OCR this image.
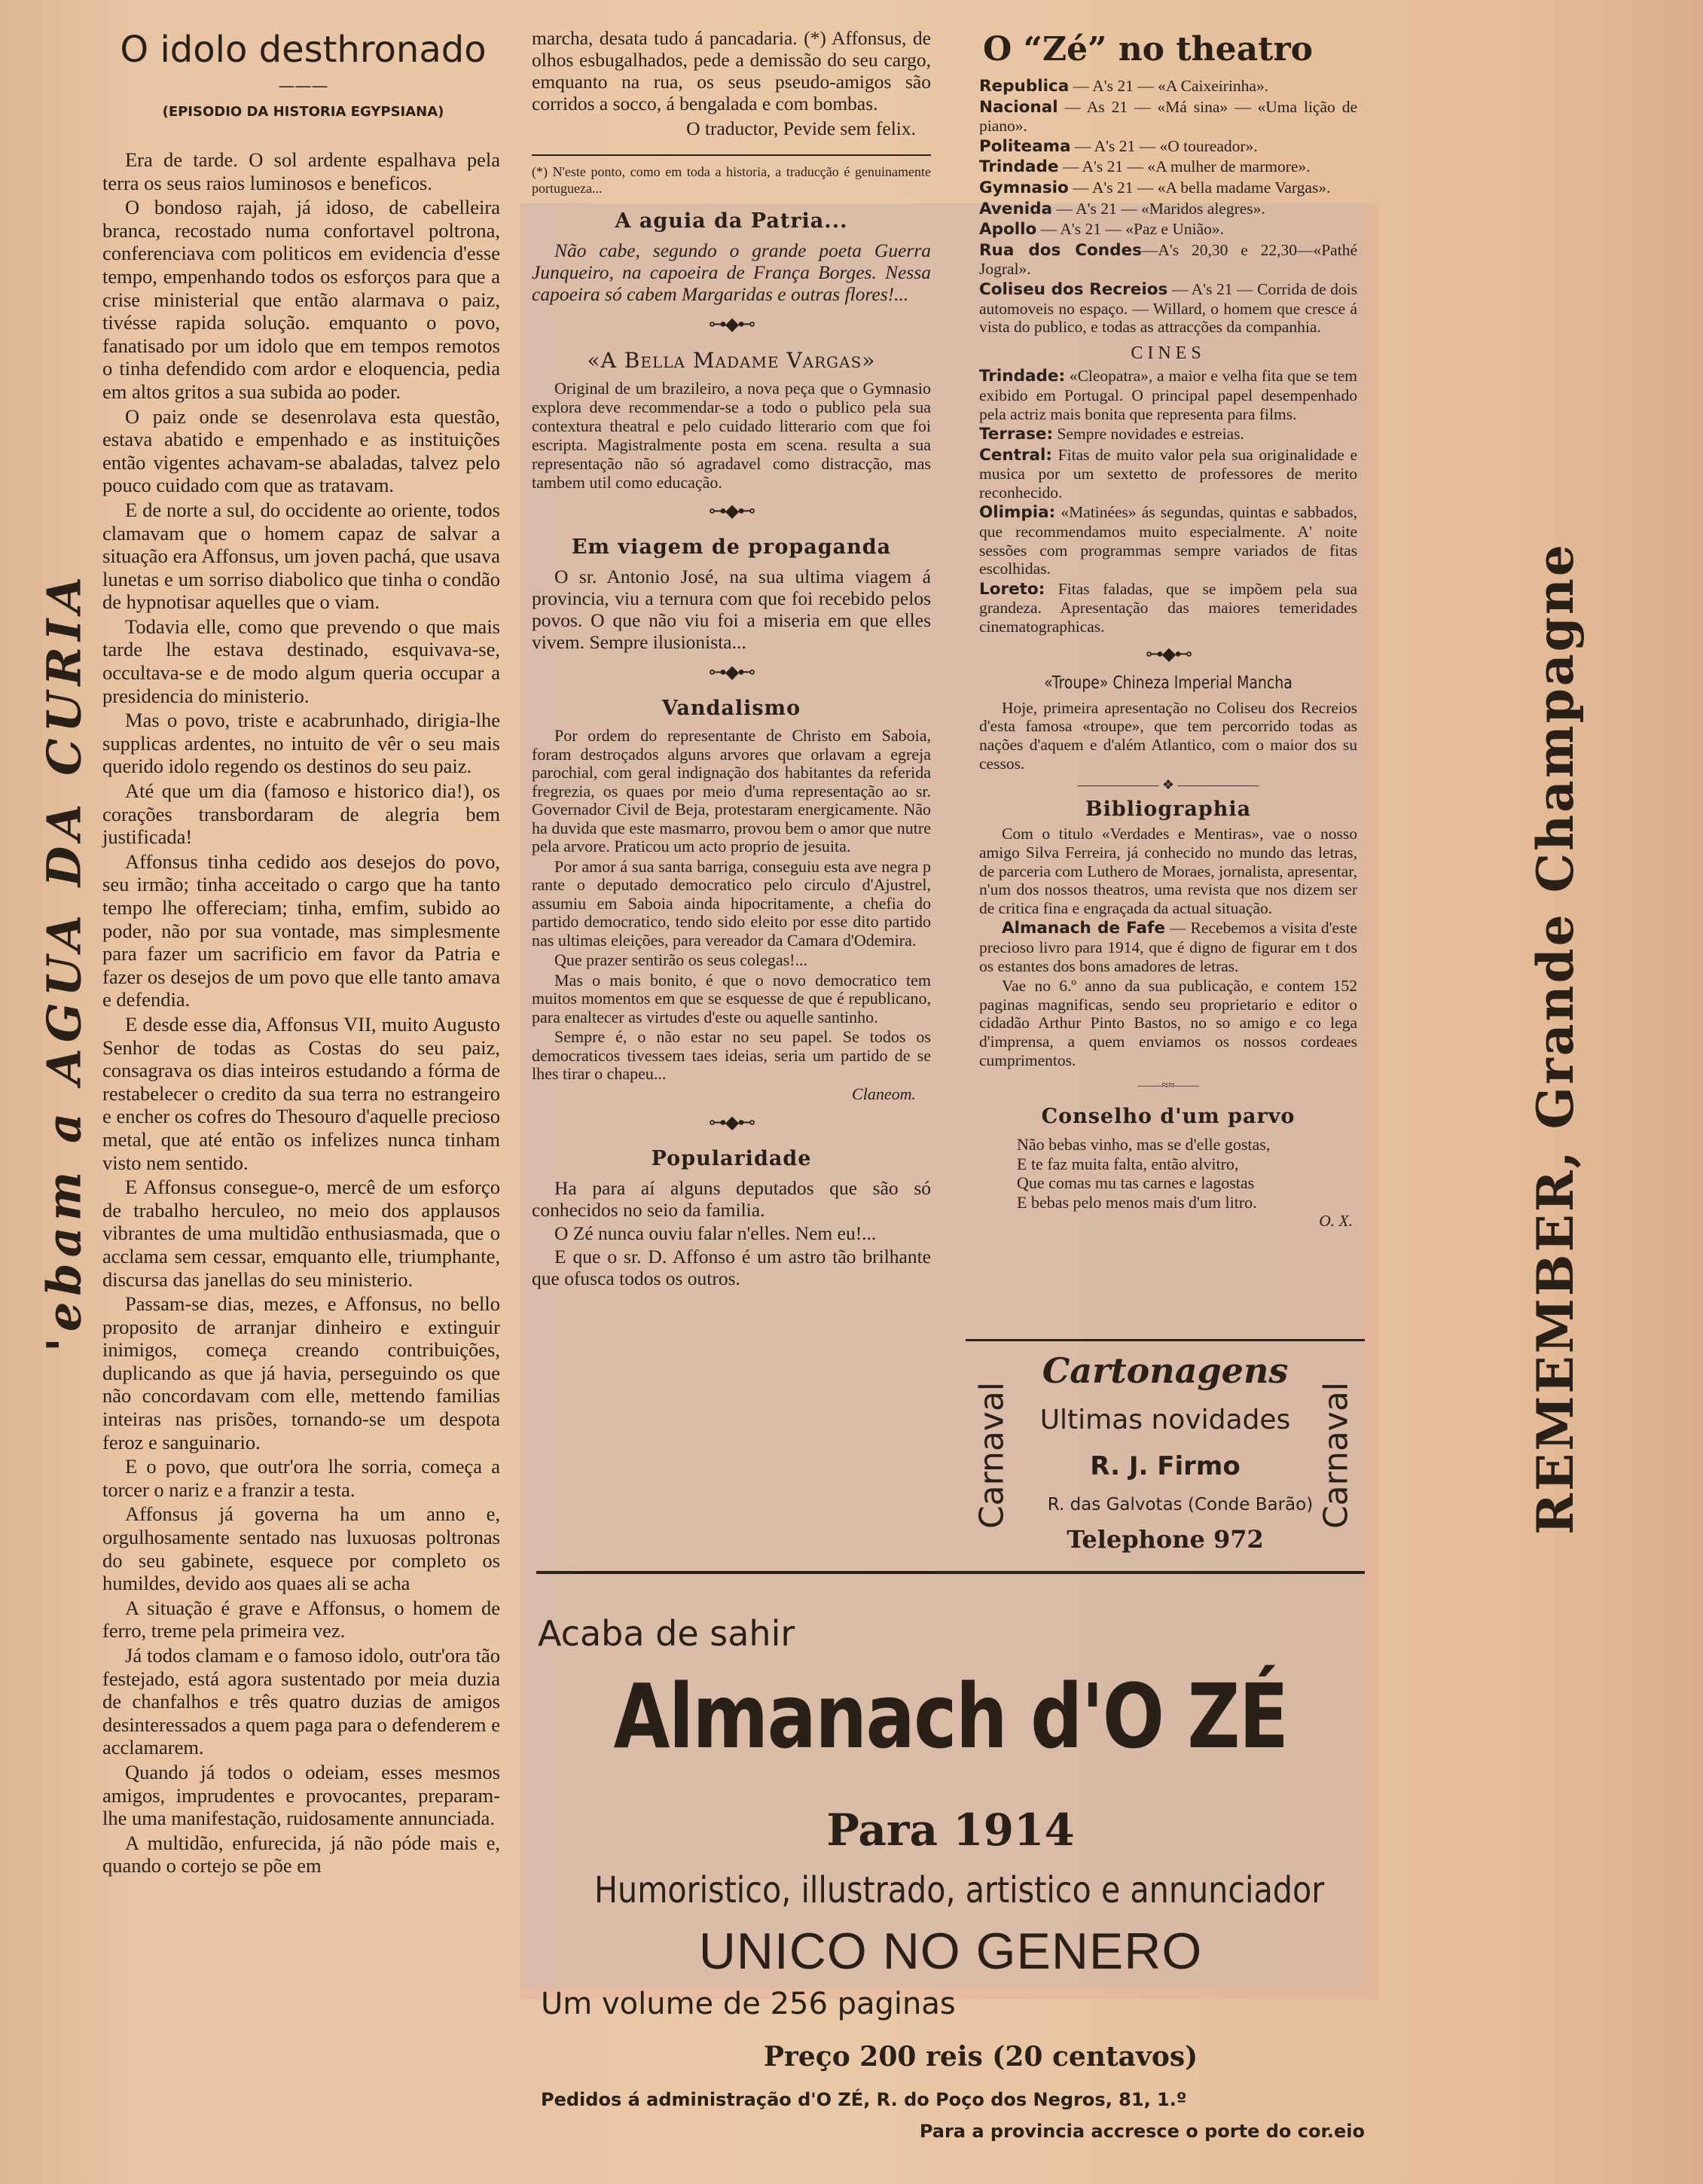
'ebam a AGUA DA CURIA	REMEMBER, Grande Champagne
O idolo desthronado
———
(EPISODIO DA HISTORIA EGYPSIANA)

Era de tarde. O sol ardente espalhava pela terra os seus raios luminosos e beneficos.

O bondoso rajah, já idoso, de cabelleira branca, recostado numa confortavel poltrona, conferenciava com politicos em evidencia d'esse tempo, empenhando todos os esforços para que a crise ministerial que então alarmava o paiz, tivésse rapida solução. emquanto o povo, fanatisado por um idolo que em tempos remotos o tinha defendido com ardor e eloquencia, pedia em altos gritos a sua subida ao poder.

O paiz onde se desenrolava esta questão, estava abatido e empenhado e as instituições então vigentes achavam-se abaladas, talvez pelo pouco cuidado com que as tratavam.

E de norte a sul, do occidente ao oriente, todos clamavam que o homem capaz de salvar a situação era Affonsus, um joven pachá, que usava lunetas e um sorriso diabolico que tinha o condão de hypnotisar aquelles que o viam.

Todavia elle, como que prevendo o que mais tarde lhe estava destinado, esquivava-se, occultava-se e de modo algum queria occupar a presidencia do ministerio.

Mas o povo, triste e acabrunhado, dirigia-lhe supplicas ardentes, no intuito de vêr o seu mais querido idolo regendo os destinos do seu paiz.

Até que um dia (famoso e historico dia!), os corações transbordaram de alegria bem justificada!

Affonsus tinha cedido aos desejos do povo, seu irmão; tinha acceitado o cargo que ha tanto tempo lhe offereciam; tinha, emfim, subido ao poder, não por sua vontade, mas simplesmente para fazer um sacrificio em favor da Patria e fazer os desejos de um povo que elle tanto amava e defendia.

E desde esse dia, Affonsus VII, muito Augusto Senhor de todas as Costas do seu paiz, consagrava os dias inteiros estudando a fórma de restabelecer o credito da sua terra no estrangeiro e encher os cofres do Thesouro d'aquelle precioso metal, que até então os infelizes nunca tinham visto nem sentido.

E Affonsus consegue-o, mercê de um esforço de trabalho herculeo, no meio dos applausos vibrantes de uma multidão enthusiasmada, que o acclama sem cessar, emquanto elle, triumphante, discursa das janellas do seu ministerio.

Passam-se dias, mezes, e Affonsus, no bello proposito de arranjar dinheiro e extinguir inimigos, começa creando contribuições, duplicando as que já havia, perseguindo os que não concordavam com elle, mettendo familias inteiras nas prisões, tornando-se um despota feroz e sanguinario.

E o povo, que outr'ora lhe sorria, começa a torcer o nariz e a franzir a testa.

Affonsus já governa ha um anno e, orgulhosamente sentado nas luxuosas poltronas do seu gabinete, esquece por completo os humildes, devido aos quaes ali se acha

A situação é grave e Affonsus, o homem de ferro, treme pela primeira vez.

Já todos clamam e o famoso idolo, outr'ora tão festejado, está agora sustentado por meia duzia de chanfalhos e três quatro duzias de amigos desinteressados a quem paga para o defenderem e acclamarem.

Quando já todos o odeiam, esses mesmos amigos, imprudentes e provocantes, preparam-lhe uma manifestação, ruidosamente annunciada.

A multidão, enfurecida, já não póde mais e, quando o cortejo se põe em

marcha, desata tudo á pancadaria. (*) Affonsus, de olhos esbugalhados, pede a demissão do seu cargo, emquanto na rua, os seus pseudo-amigos são corridos a socco, á bengalada e com bombas.

O traductor, Pevide sem felix.
(*) N'este ponto, como em toda a historia, a traducção é genuinamente portugueza...
A aguia da Patria...

Não cabe, segundo o grande poeta Guerra Junqueiro, na capoeira de França Borges. Nessa capoeira só cabem Margaridas e outras flores!...

⊶◆⊷
«A Bella Madame Vargas»

Original de um brazileiro, a nova peça que o Gymnasio explora deve recommendar-se a todo o publico pela sua contextura theatral e pelo cuidado litterario com que foi escripta. Magistralmente posta em scena. resulta a sua representação não só agradavel como distracção, mas tambem util como educação.

⊶◆⊷
Em viagem de propaganda

O sr. Antonio José, na sua ultima viagem á provincia, viu a ternura com que foi recebido pelos povos. O que não viu foi a miseria em que elles vivem. Sempre ilusionista...

⊶◆⊷
Vandalismo

Por ordem do representante de Christo em Saboia, foram destroçados alguns arvores que orlavam a egreja parochial, com geral indignação dos habitantes da referida fregrezia, os quaes por meio d'uma representação ao sr. Governador Civil de Beja, protestaram energicamente. Não ha duvida que este masmarro, provou bem o amor que nutre pela arvore. Praticou um acto proprio de jesuita.

Por amor á sua santa barriga, conseguiu esta ave negra p rante o deputado democratico pelo circulo d'Ajustrel, assumiu em Saboia ainda hipocritamente, a chefia do partido democratico, tendo sido eleito por esse dito partido nas ultimas eleições, para vereador da Camara d'Odemira.

Que prazer sentirão os seus colegas!...

Mas o mais bonito, é que o novo democratico tem muitos momentos em que se esquesse de que é republicano, para enaltecer as virtudes d'este ou aquelle santinho.

Sempre é, o não estar no seu papel. Se todos os democraticos tivessem taes ideias, seria um partido de se lhes tirar o chapeu...

Claneom.
⊶◆⊷
Popularidade

Ha para aí alguns deputados que são só conhecidos no seio da familia.

O Zé nunca ouviu falar n'elles. Nem eu!...

E que o sr. D. Affonso é um astro tão brilhante que ofusca todos os outros.

O “Zé” no theatro

Republica — A's 21 — «A Caixeirinha».

Nacional — As 21 — «Má sina» — «Uma lição de piano».

Politeama — A's 21 — «O toureador».

Trindade — A's 21 — «A mulher de marmore».

Gymnasio — A's 21 — «A bella madame Vargas».

Avenida — A's 21 — «Maridos alegres».

Apollo — A's 21 — «Paz e União».

Rua dos Condes—A's 20,30 e 22,30—«Pathé Jogral».

Coliseu dos Recreios — A's 21 — Corrida de dois automoveis no espaço. — Willard, o homem que cresce á vista do publico, e todas as attracções da companhia.

CINES

Trindade: «Cleopatra», a maior e velha fita que se tem exibido em Portugal. O principal papel desempenhado pela actriz mais bonita que representa para films.

Terrase: Sempre novidades e estreias.

Central: Fitas de muito valor pela sua originalidade e musica por um sextetto de professores de merito reconhecido.

Olimpia: «Matinées» ás segundas, quintas e sabbados, que recommendamos muito especialmente. A' noite sessões com programmas sempre variados de fitas escolhidas.

Loreto: Fitas faladas, que se impõem pela sua grandeza. Apresentação das maiores temeridades cinematographicas.

⊶◆⊷
«Troupe» Chineza Imperial Mancha

Hoje, primeira apresentação no Coliseu dos Recreios d'esta famosa «troupe», que tem percorrido todas as nações d'aquem e d'além Atlantico, com o maior dos su cessos.

—————— ❖ ——————
Bibliographia

Com o titulo «Verdades e Mentiras», vae o nosso amigo Silva Ferreira, já conhecido no mundo das letras, de parceria com Luthero de Moraes, jornalista, apresentar, n'um dos nossos theatros, uma revista que nos dizem ser de critica fina e engraçada da actual situação.

Almanach de Fafe — Recebemos a visita d'este precioso livro para 1914, que é digno de figurar em t dos os estantes dos bons amadores de letras.

Vae no 6.º anno da sua publicação, e contem 152 paginas magnificas, sendo seu proprietario e editor o cidadão Arthur Pinto Bastos, no so amigo e co lega d'imprensa, a quem enviamos os nossos cordeaes cumprimentos.

——≈≈——
Conselho d'um parvo
Não bebas vinho, mas se d'elle gostas,
E te faz muita falta, então alvitro,
Que comas mu tas carnes e lagostas
E bebas pelo menos mais d'um litro.
O. X.
Carnaval	Carnaval
Cartonagens
Ultimas novidades
R. J. Firmo
R. das Galvotas (Conde Barão)
Telephone 972
Acaba de sahir
Almanach d'O ZÉ
Para 1914
Humoristico, illustrado, artistico e annunciador
UNICO NO GENERO
Um volume de 256 paginas
Preço 200 reis (20 centavos)
Pedidos á administração d'O ZÉ, R. do Poço dos Negros, 81, 1.º
Para a provincia accresce o porte do cor.eio
